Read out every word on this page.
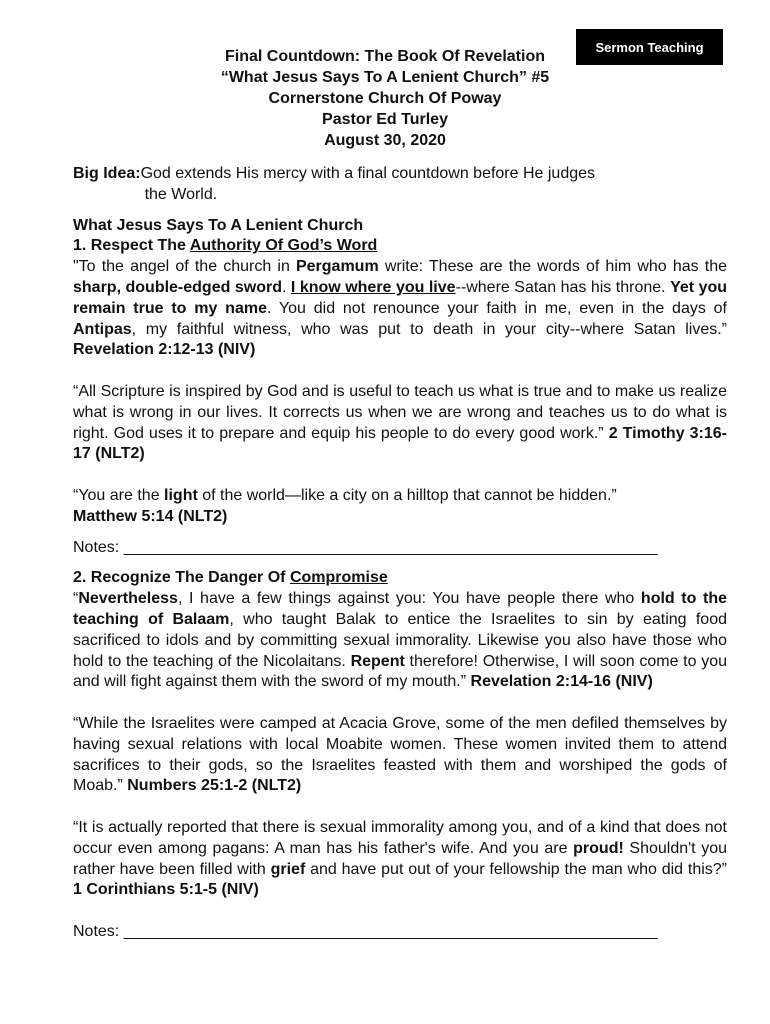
Sermon Teaching
Final Countdown: The Book Of Revelation
“What Jesus Says To A Lenient Church” #5
Cornerstone Church Of Poway
Pastor Ed Turley
August 30, 2020
Big Idea: God extends His mercy with a final countdown before He judges
the World.
What Jesus Says To A Lenient Church
1. Respect The Authority Of God’s Word
"To the angel of the church in Pergamum write: These are the words of him who has the sharp, double-edged sword. I know where you live--where Satan has his throne. Yet you remain true to my name. You did not renounce your faith in me, even in the days of Antipas, my faithful witness, who was put to death in your city--where Satan lives.” Revelation 2:12-13 (NIV)
“All Scripture is inspired by God and is useful to teach us what is true and to make us realize what is wrong in our lives. It corrects us when we are wrong and teaches us to do what is right. God uses it to prepare and equip his people to do every good work.” 2 Timothy 3:16-17 (NLT2)
“You are the light of the world—like a city on a hilltop that cannot be hidden.”
Matthew 5:14 (NLT2)
Notes: ____________________________________________________________
2. Recognize The Danger Of Compromise
“Nevertheless, I have a few things against you: You have people there who hold to the teaching of Balaam, who taught Balak to entice the Israelites to sin by eating food sacrificed to idols and by committing sexual immorality. Likewise you also have those who hold to the teaching of the Nicolaitans. Repent therefore! Otherwise, I will soon come to you and will fight against them with the sword of my mouth.” Revelation 2:14-16 (NIV)
“While the Israelites were camped at Acacia Grove, some of the men defiled themselves by having sexual relations with local Moabite women. These women invited them to attend sacrifices to their gods, so the Israelites feasted with them and worshiped the gods of Moab.” Numbers 25:1-2 (NLT2)
“It is actually reported that there is sexual immorality among you, and of a kind that does not occur even among pagans: A man has his father's wife. And you are proud! Shouldn't you rather have been filled with grief and have put out of your fellowship the man who did this?” 1 Corinthians 5:1-5 (NIV)
Notes: ____________________________________________________________
